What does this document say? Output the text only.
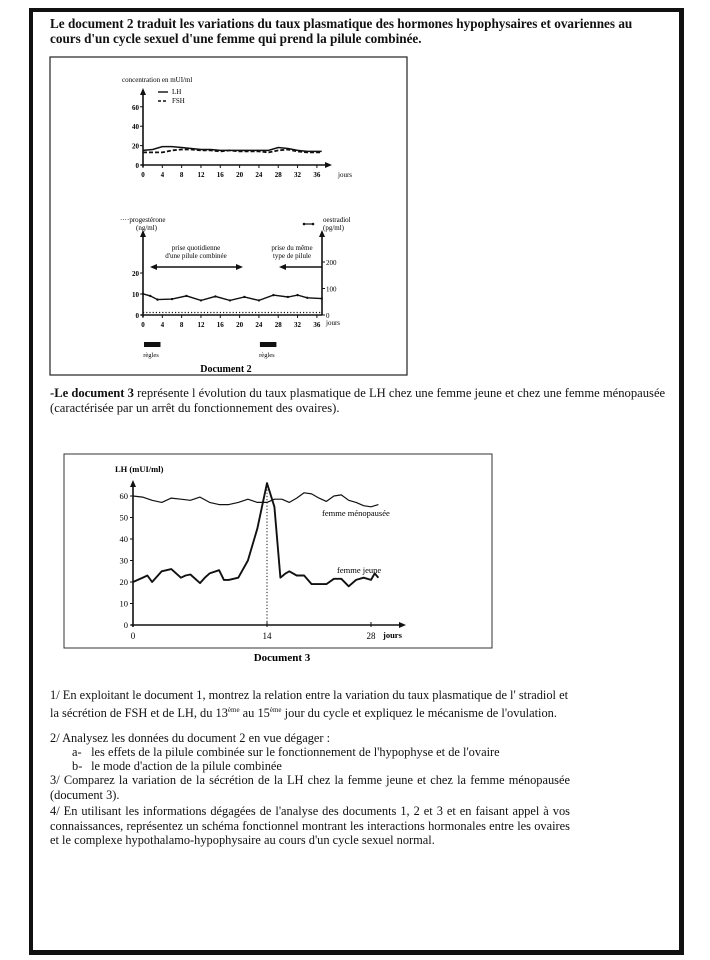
Le document 2 traduit les variations du taux plasmatique des hormones hypophysaires et ovariennes au cours d'un cycle sexuel d'une femme qui prend la pilule combinée.
concentration en mUI/ml
0
20
40
60
0 4 8 12 16 20 24 28 32 36	jours
LH
FSH
0
10
20
0
100
200
0 4 8 12 16 20 24 28 32 36 jours
····progestérone
(ng/ml)
oestradiol
(pg/ml)
prise quotidienne
d'une pilule combinée
prise du même
type de pilule
règles	règles
Document 2
-Le document 3 représente l évolution du taux plasmatique de LH chez une femme jeune et chez une femme ménopausée (caractérisée par un arrêt du fonctionnement des ovaires).
LH (mUI/ml)
0
10
20
30
40
50
60
0	14	28 jours
femme ménopausée
femme jeune
Document 3
1/ En exploitant le document 1, montrez la relation entre la variation du taux plasmatique de l' stradiol et la sécrétion de FSH et de LH, du 13ème au 15ème jour du cycle et expliquez le mécanisme de l'ovulation.
2/ Analysez les données du document 2 en vue dégager :
a- les effets de la pilule combinée sur le fonctionnement de l'hypophyse et de l'ovaire
b- le mode d'action de la pilule combinée
3/ Comparez la variation de la sécrétion de la LH chez la femme jeune et chez la femme ménopausée (document 3).
4/ En utilisant les informations dégagées de l'analyse des documents 1, 2 et 3 et en faisant appel à vos connaissances, représentez un schéma fonctionnel montrant les interactions hormonales entre les ovaires et le complexe hypothalamo-hypophysaire au cours d'un cycle sexuel normal.
